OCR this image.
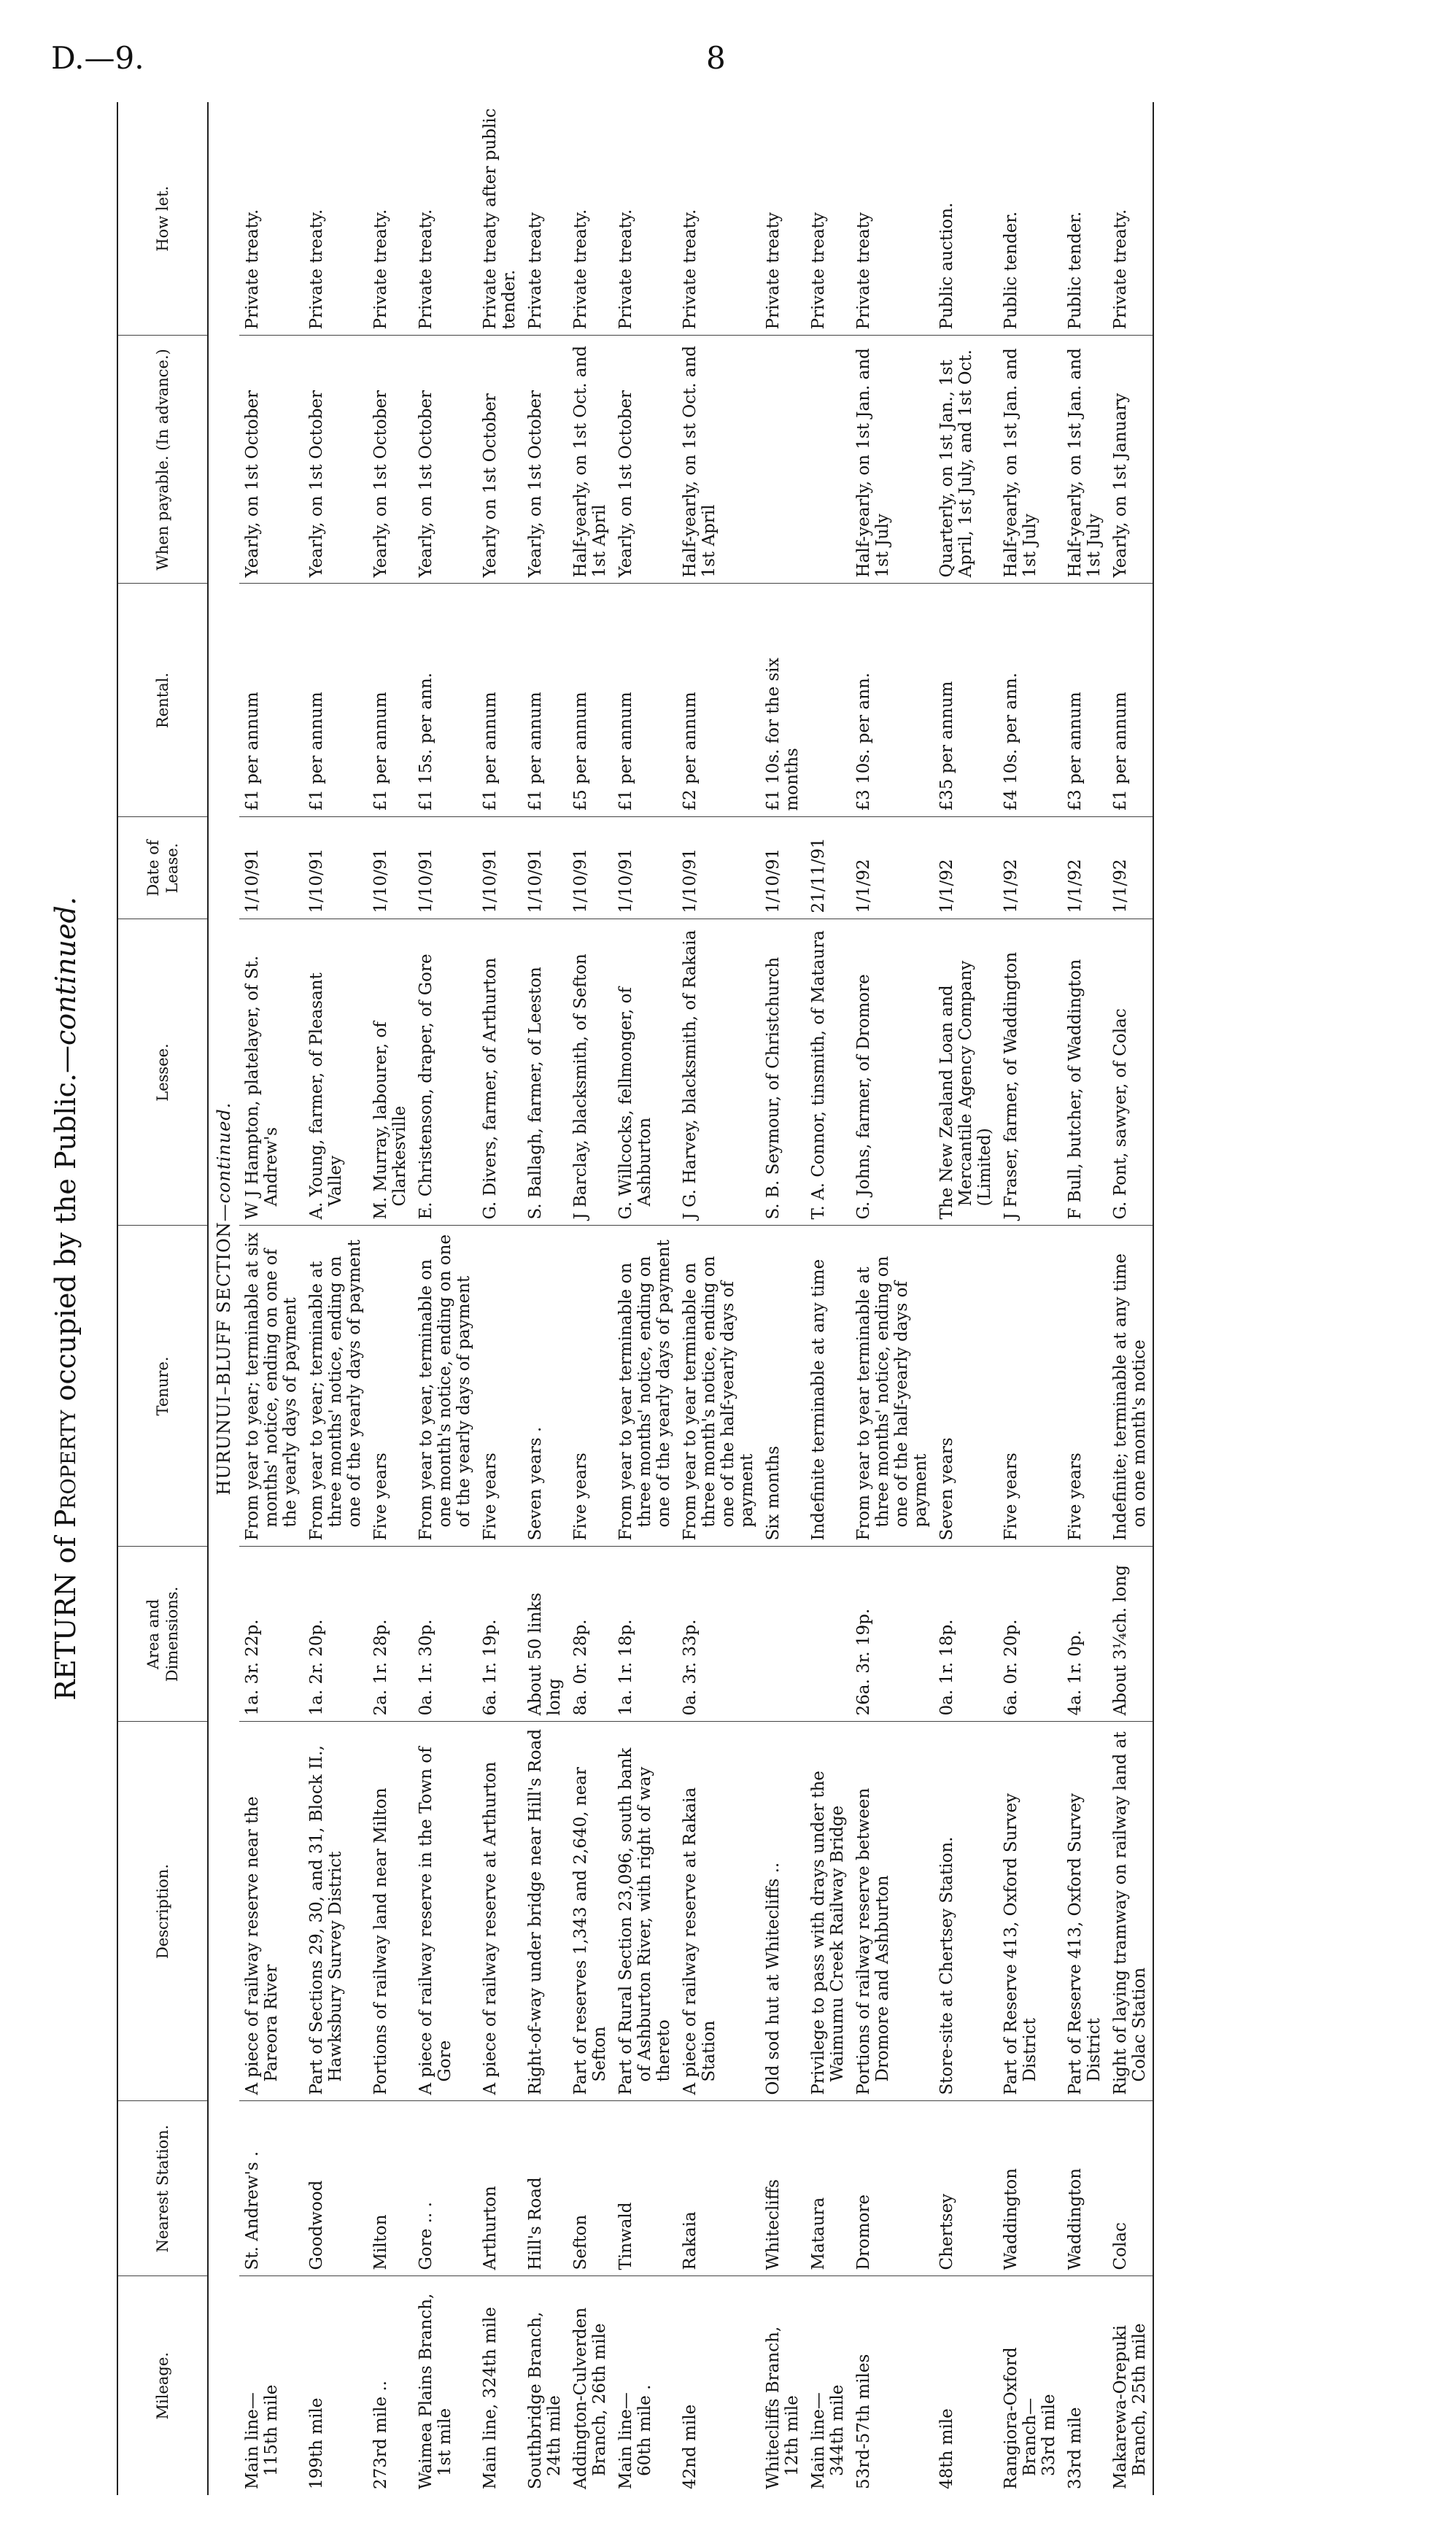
D.—9.	8
RETURN of Property occupied by the Public.—continued.
Mileage.	Nearest Station.	Description.	Area and Dimensions.	Tenure.	Lessee.	Date of Lease.	Rental.	When payable. (In advance.)	How let.
HURUNUI–BLUFF SECTION—continued.									
Main line—
115th mile	St. Andrew's .	A piece of railway reserve near the Pareora River	1a. 3r. 22p.	From year to year; terminable at six months' notice, ending on one of the yearly days of payment	W J Hampton, platelayer, of St. Andrew's	1/10/91	£1 per annum	Yearly, on 1st October	Private treaty.
199th mile	Goodwood	Part of Sections 29, 30, and 31, Block II., Hawksbury Survey District	1a. 2r. 20p.	From year to year; terminable at three months' notice, ending on one of the yearly days of payment	A. Young, farmer, of Pleasant Valley	1/10/91	£1 per annum	Yearly, on 1st October	Private treaty.
273rd mile ..	Milton	Portions of railway land near Milton	2a. 1r. 28p.	Five years	M. Murray, labourer, of Clarkesville	1/10/91	£1 per annum	Yearly, on 1st October	Private treaty.
Waimea Plains Branch, 1st mile	Gore .. .	A piece of railway reserve in the Town of Gore	0a. 1r. 30p.	From year to year, terminable on one month's notice, ending on one of the yearly days of payment	E. Christenson, draper, of Gore	1/10/91	£1 15s. per ann.	Yearly, on 1st October	Private treaty.
Main line, 324th mile	Arthurton	A piece of railway reserve at Arthurton	6a. 1r. 19p.	Five years	G. Divers, farmer, of Arthurton	1/10/91	£1 per annum	Yearly on 1st October	Private treaty after public tender.
Southbridge Branch, 24th mile	Hill's Road	Right-of-way under bridge near Hill's Road	About 50 links long	Seven years .	S. Ballagh, farmer, of Leeston	1/10/91	£1 per annum	Yearly, on 1st October	Private treaty
Addington-Culverden Branch, 26th mile	Sefton	Part of reserves 1,343 and 2,640, near Sefton	8a. 0r. 28p.	Five years	J Barclay, blacksmith, of Sefton	1/10/91	£5 per annum	Half-yearly, on 1st Oct. and 1st April	Private treaty.
Main line—
60th mile .	Tinwald	Part of Rural Section 23,096, south bank of Ashburton River, with right of way thereto	1a. 1r. 18p.	From year to year terminable on three months' notice, ending on one of the yearly days of payment	G. Willcocks, fellmonger, of Ashburton	1/10/91	£1 per annum	Yearly, on 1st October	Private treaty.
42nd mile	Rakaia	A piece of railway reserve at Rakaia Station	0a. 3r. 33p.	From year to year terminable on three month's notice, ending on one of the half-yearly days of payment	J G. Harvey, blacksmith, of Rakaia	1/10/91	£2 per annum	Half-yearly, on 1st Oct. and 1st April	Private treaty.
Whitecliffs Branch, 12th mile	Whitecliffs	Old sod hut at Whitecliffs ..		Six months	S. B. Seymour, of Christchurch	1/10/91	£1 10s. for the six months		Private treaty
Main line—
344th mile	Mataura	Privilege to pass with drays under the Waimumu Creek Railway Bridge		Indefinite terminable at any time	T. A. Connor, tinsmith, of Mataura	21/11/91			Private treaty
53rd-57th miles	Dromore	Portions of railway reserve between Dromore and Ashburton	26a. 3r. 19p.	From year to year terminable at three months' notice, ending on one of the half-yearly days of payment	G. Johns, farmer, of Dromore	1/1/92	£3 10s. per ann.	Half-yearly, on 1st Jan. and 1st July	Private treaty
48th mile	Chertsey	Store-site at Chertsey Station.	0a. 1r. 18p.	Seven years	The New Zealand Loan and Mercantile Agency Company (Limited)	1/1/92	£35 per annum	Quarterly, on 1st Jan., 1st April, 1st July, and 1st Oct.	Public auction.
Rangiora-Oxford Branch—
33rd mile	Waddington	Part of Reserve 413, Oxford Survey District	6a. 0r. 20p.	Five years	J Fraser, farmer, of Waddington	1/1/92	£4 10s. per ann.	Half-yearly, on 1st Jan. and 1st July	Public tender.
33rd mile	Waddington	Part of Reserve 413, Oxford Survey District	4a. 1r. 0p.	Five years	F Bull, butcher, of Waddington	1/1/92	£3 per annum	Half-yearly, on 1st Jan. and 1st July	Public tender.
Makarewa-Orepuki Branch, 25th mile	Colac	Right of laying tramway on railway land at Colac Station	About 3¼ch. long	Indefinite; terminable at any time on one month's notice	G. Pont, sawyer, of Colac	1/1/92	£1 per annum	Yearly, on 1st January	Private treaty.
